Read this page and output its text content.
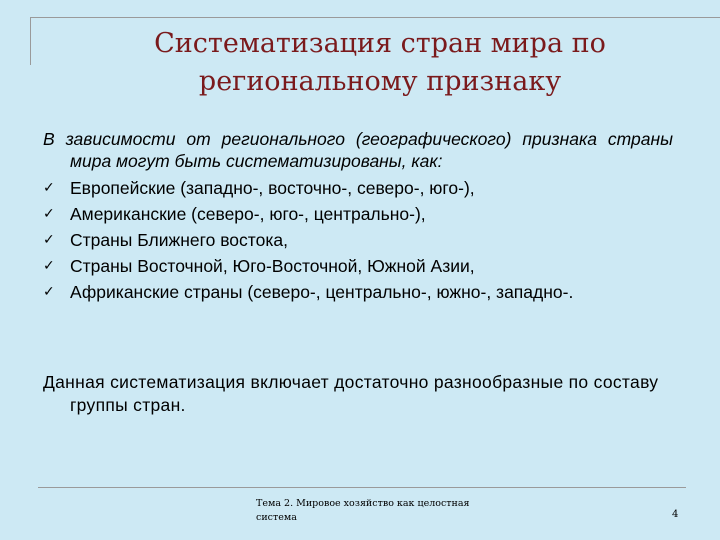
Систематизация стран мира по
региональному признаку

В зависимости от регионального (географического) признака страны мира могут быть систематизированы, как:

✓ Европейские (западно-, восточно-, северо-, юго-),
✓ Американские (северо-, юго-, центрально-),
✓ Страны Ближнего востока,
✓ Страны Восточной, Юго-Восточной, Южной Азии,
✓ Африканские страны (северо-, центрально-, южно-, западно-.

Данная систематизация включает достаточно разнообразные по составу группы стран.

Тема 2. Мировое хозяйство как целостная система	4
